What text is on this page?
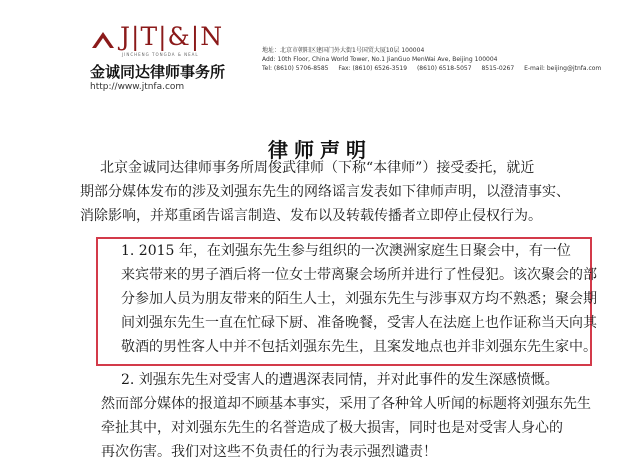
J|T|&|N
JINCHENG TONGDA & NEAL
金诚同达律师事务所
http://www.jtnfa.com
地址：北京市朝阳区建国门外大街1号国贸大厦10层 100004
Add: 10th Floor, China World Tower, No.1 JianGuo MenWai Ave, Beijing 100004
Tel: (8610) 5706-8585 Fax: (8610) 6526-3519 (8610) 6518-5057 8515-0267 E-mail: beijing@jtnfa.com
律师声明
北京金诚同达律师事务所周俊武律师（下称“本律师”）接受委托，就近
期部分媒体发布的涉及刘强东先生的网络谣言发表如下律师声明，以澄清事实、
消除影响，并郑重函告谣言制造、发布以及转载传播者立即停止侵权行为。
1. 2015 年，在刘强东先生参与组织的一次澳洲家庭生日聚会中，有一位
来宾带来的男子酒后将一位女士带离聚会场所并进行了性侵犯。该次聚会的部
分参加人员为朋友带来的陌生人士，刘强东先生与涉事双方均不熟悉；聚会期
间刘强东先生一直在忙碌下厨、准备晚餐，受害人在法庭上也作证称当天向其
敬酒的男性客人中并不包括刘强东先生，且案发地点也并非刘强东先生家中。
2. 刘强东先生对受害人的遭遇深表同情，并对此事件的发生深感愤慨。
然而部分媒体的报道却不顾基本事实，采用了各种耸人听闻的标题将刘强东先生
牵扯其中，对刘强东先生的名誉造成了极大损害，同时也是对受害人身心的
再次伤害。我们对这些不负责任的行为表示强烈谴责！
